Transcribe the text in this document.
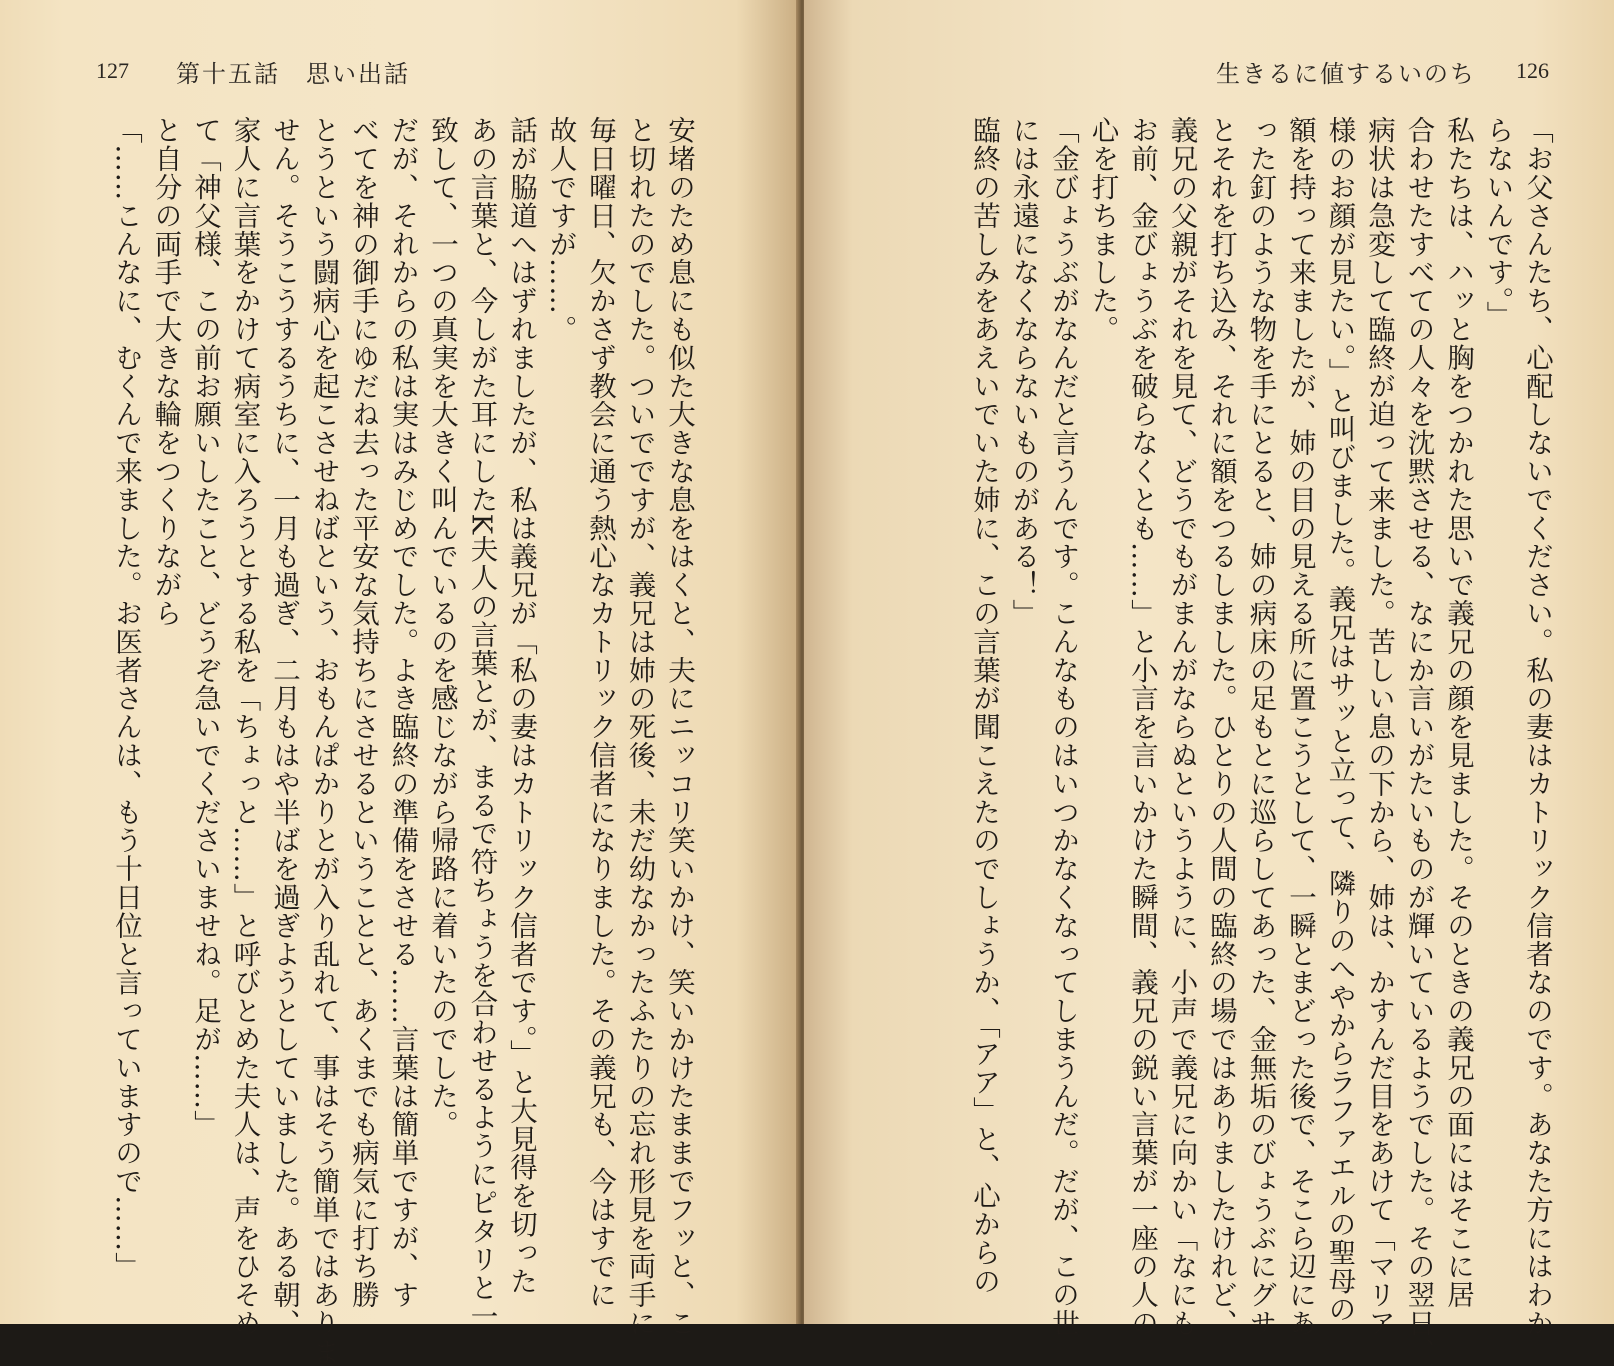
127 第十五話　思い出話
安堵のため息にも似た大きな息をはくと、夫にニッコリ笑いかけ、笑いかけたままでフッと、こ
と切れたのでした。ついでですが、義兄は姉の死後、未だ幼なかったふたりの忘れ形見を両手に
毎日曜日、欠かさず教会に通う熱心なカトリック信者になりました。その義兄も、今はすでに
故人ですが……。
話が脇道へはずれましたが、私は義兄が「私の妻はカトリック信者です。」と大見得を切った
あの言葉と、今しがた耳にしたK夫人の言葉とが、まるで符ちょうを合わせるようにピタリと一
致して、一つの真実を大きく叫んでいるのを感じながら帰路に着いたのでした。
だが、それからの私は実はみじめでした。よき臨終の準備をさせる……言葉は簡単ですが、す
べてを神の御手にゆだね去った平安な気持ちにさせるということと、あくまでも病気に打ち勝
とうという闘病心を起こさせねばという、おもんぱかりとが入り乱れて、事はそう簡単ではありま
せん。そうこうするうちに、一月も過ぎ、二月もはや半ばを過ぎようとしていました。ある朝、
家人に言葉をかけて病室に入ろうとする私を「ちょっと……」と呼びとめた夫人は、声をひそめ
て「神父様、この前お願いしたこと、どうぞ急いでくださいませね。足が……」
と自分の両手で大きな輪をつくりながら
「……こんなに、むくんで来ました。お医者さんは、もう十日位と言っていますので……」
生きるに値するいのち 126
「お父さんたち、心配しないでください。私の妻はカトリック信者なのです。あなた方にはわか
らないんです。」
私たちは、ハッと胸をつかれた思いで義兄の顔を見ました。そのときの義兄の面にはそこに居
合わせたすべての人々を沈黙させる、なにか言いがたいものが輝いているようでした。その翌日、
病状は急変して臨終が迫って来ました。苦しい息の下から、姉は、かすんだ目をあけて「マリア
様のお顔が見たい。」と叫びました。義兄はサッと立って、隣りのへやからラファエルの聖母の
額を持って来ましたが、姉の目の見える所に置こうとして、一瞬とまどった後で、そこら辺にあ
った釘のような物を手にとると、姉の病床の足もとに巡らしてあった、金無垢のびょうぶにグサ
とそれを打ち込み、それに額をつるしました。ひとりの人間の臨終の場ではありましたけれど、
義兄の父親がそれを見て、どうでもがまんがならぬというように、小声で義兄に向かい「なにも
お前、金びょうぶを破らなくとも……」と小言を言いかけた瞬間、義兄の鋭い言葉が一座の人の
心を打ちました。
「金びょうぶがなんだと言うんです。こんなものはいつかなくなってしまうんだ。だが、この世
には永遠になくならないものがある！」
臨終の苦しみをあえいでいた姉に、この言葉が聞こえたのでしょうか、「アア」と、心からの
